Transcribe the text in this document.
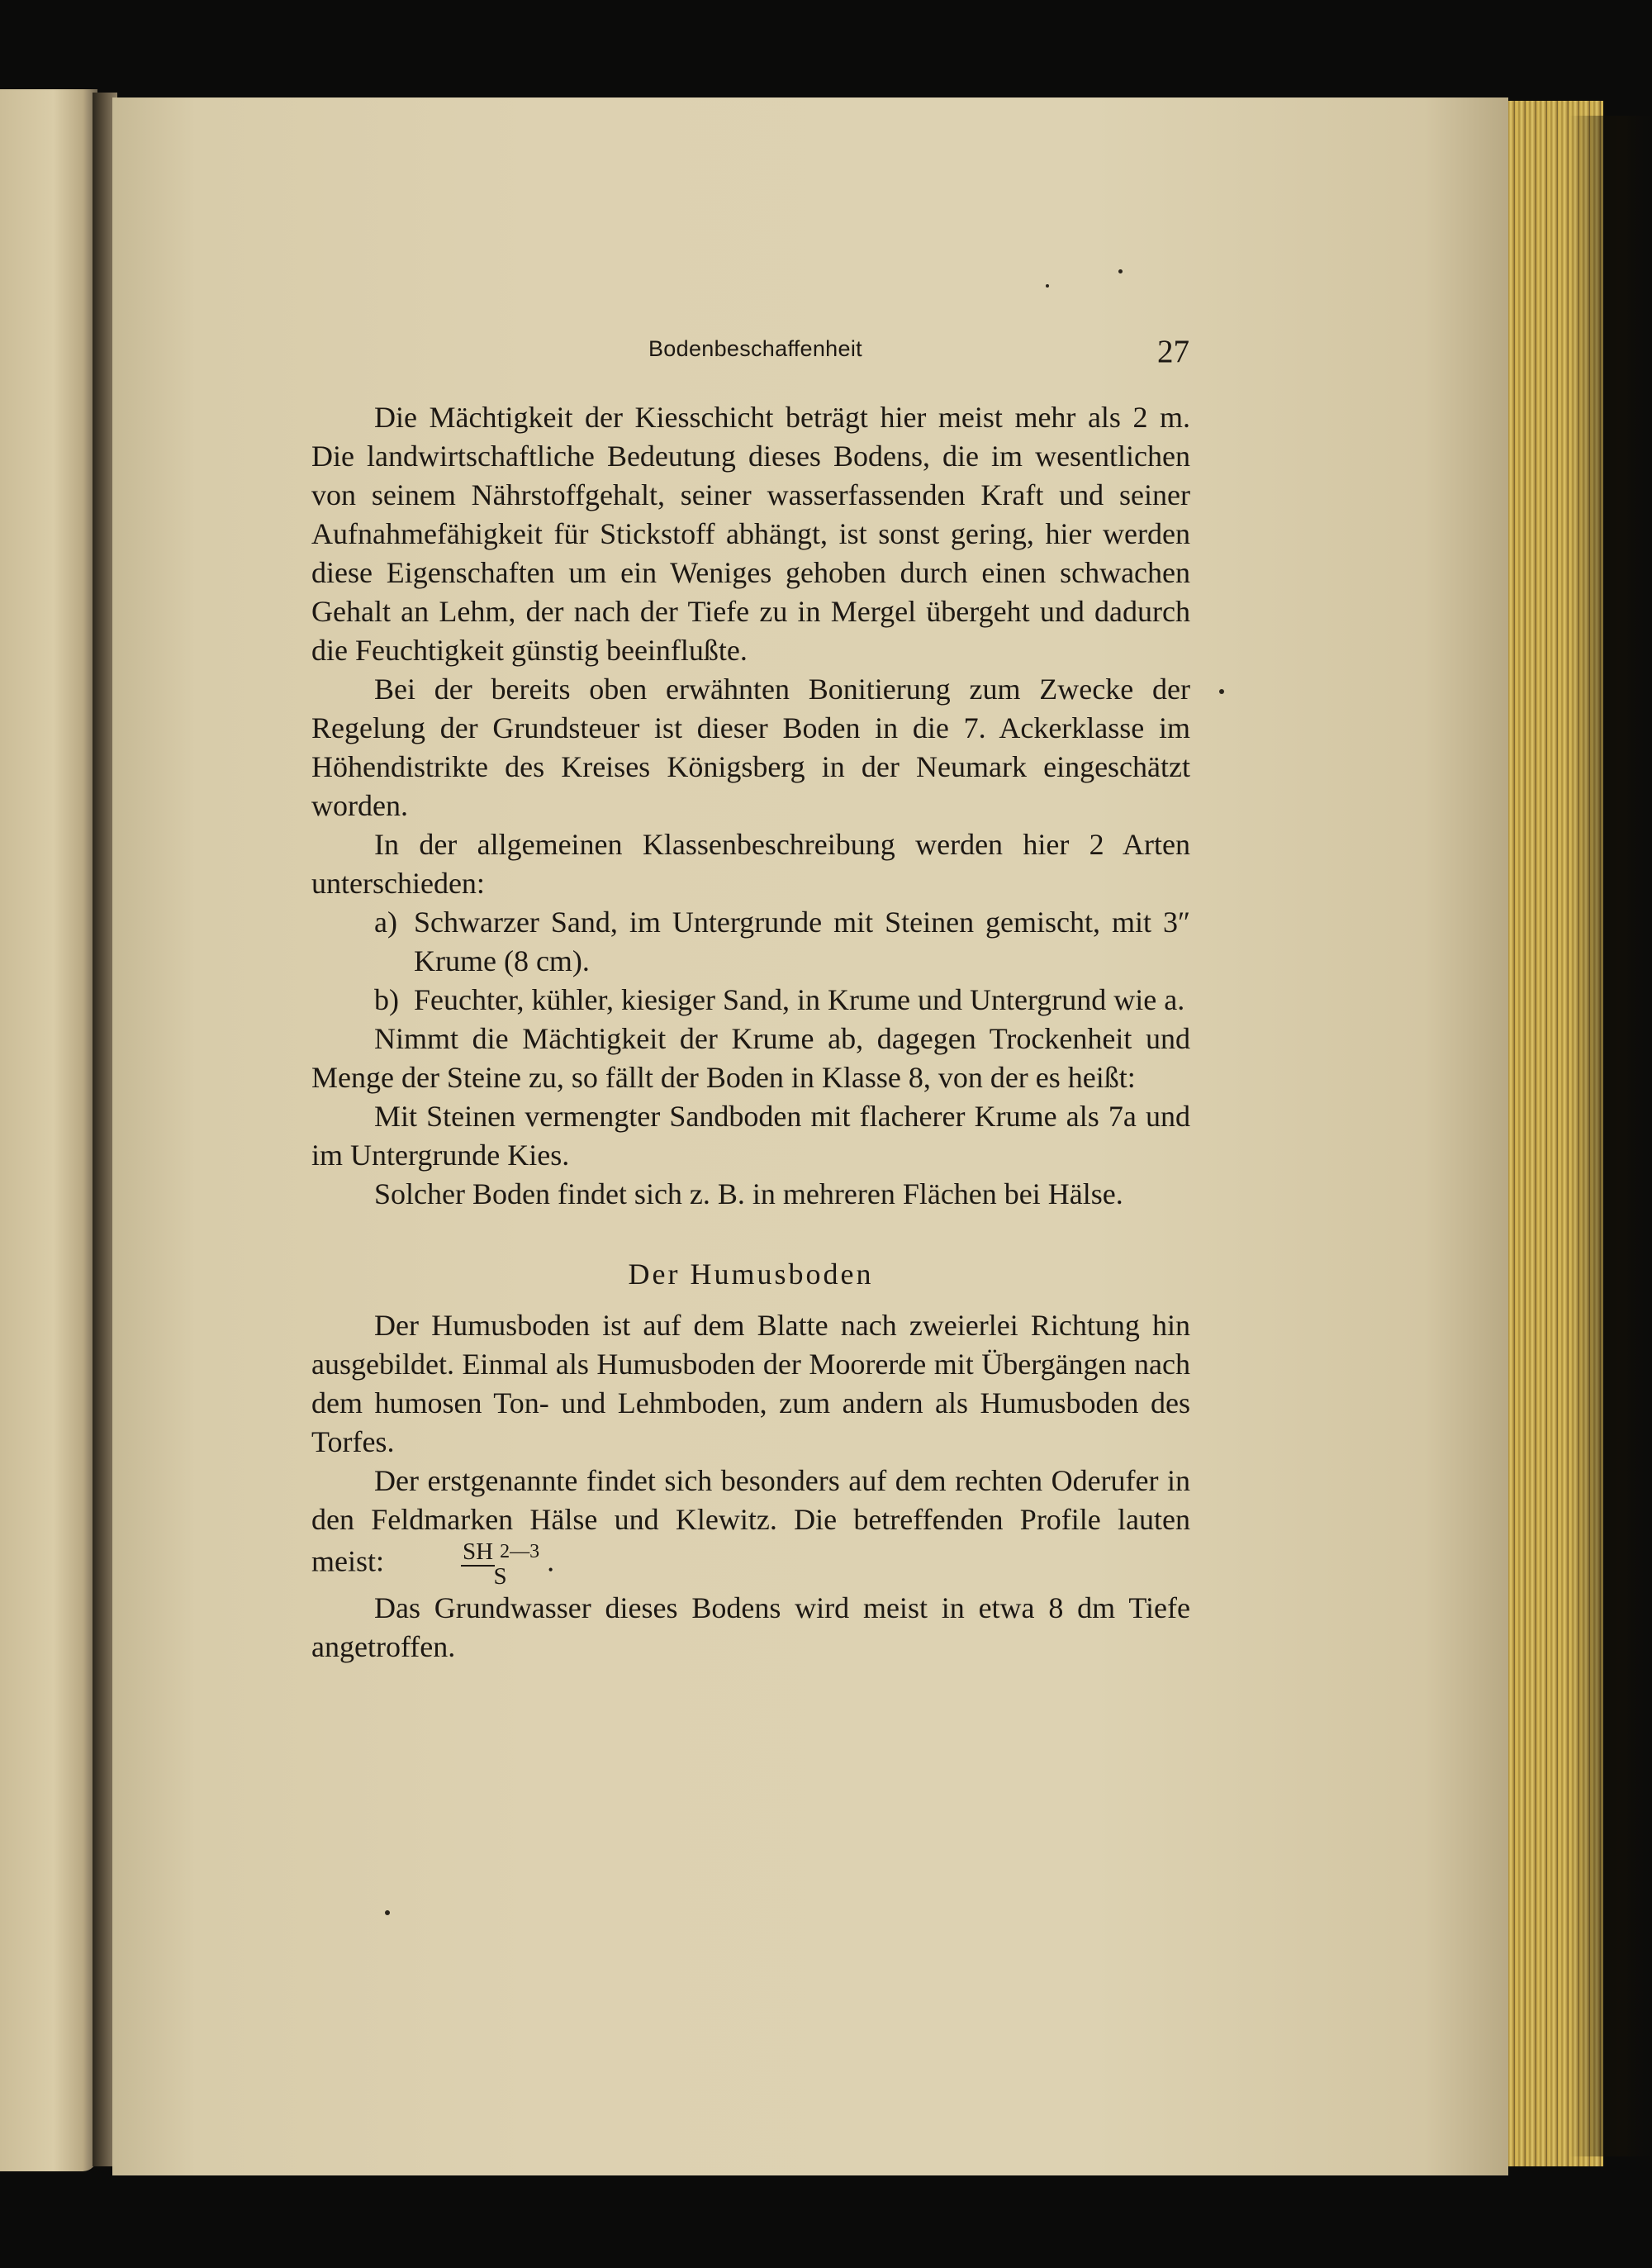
Bodenbeschaffenheit	27

Die Mächtigkeit der Kiesschicht beträgt hier meist mehr als 2 m. Die landwirtschaftliche Bedeutung dieses Bodens, die im wesentlichen von seinem Nährstoffgehalt, seiner wasserfassenden Kraft und seiner Aufnahmefähigkeit für Stickstoff abhängt, ist sonst gering, hier werden diese Eigenschaften um ein Weniges gehoben durch einen schwachen Gehalt an Lehm, der nach der Tiefe zu in Mergel übergeht und dadurch die Feuchtigkeit günstig beeinflußte.

Bei der bereits oben erwähnten Bonitierung zum Zwecke der Regelung der Grundsteuer ist dieser Boden in die 7. Ackerklasse im Höhendistrikte des Kreises Königsberg in der Neumark eingeschätzt worden.

In der allgemeinen Klassenbeschreibung werden hier 2 Arten unterschieden:

a) Schwarzer Sand, im Untergrunde mit Steinen gemischt, mit 3″ Krume (8 cm).
b) Feuchter, kühler, kiesiger Sand, in Krume und Untergrund wie a.

Nimmt die Mächtigkeit der Krume ab, dagegen Trockenheit und Menge der Steine zu, so fällt der Boden in Klasse 8, von der es heißt:

Mit Steinen vermengter Sandboden mit flacherer Krume als 7a und im Untergrunde Kies.

Solcher Boden findet sich z. B. in mehreren Flächen bei Hälse.

Der Humusboden

Der Humusboden ist auf dem Blatte nach zweierlei Richtung hin ausgebildet. Einmal als Humusboden der Moorerde mit Übergängen nach dem humosen Ton- und Lehmboden, zum andern als Humusboden des Torfes.

Der erstgenannte findet sich besonders auf dem rechten Oderufer in den Feldmarken Hälse und Klewitz. Die betreffenden Profile lauten meist:	SH $^{2—3}$
S	.

Das Grundwasser dieses Bodens wird meist in etwa 8 dm Tiefe angetroffen.
